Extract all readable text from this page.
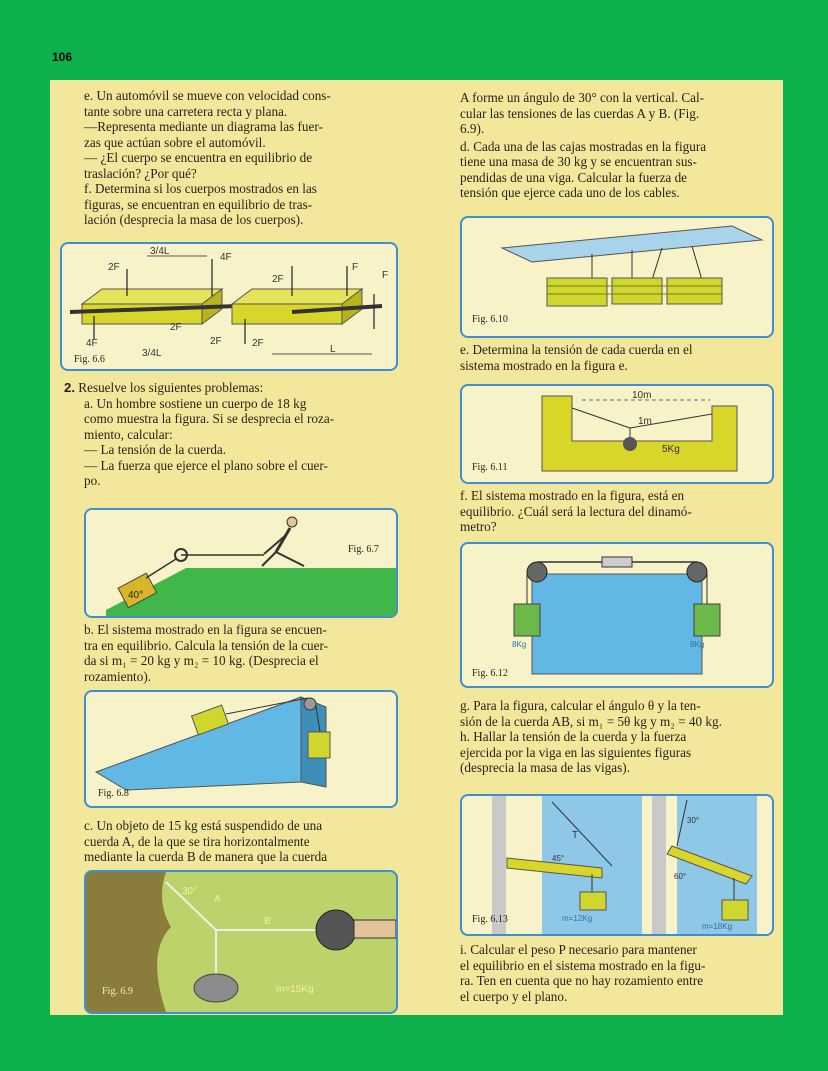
106

e. Un automóvil se mueve con velocidad cons-

tante sobre una carretera recta y plana.

—Representa mediante un diagrama las fuer-

zas que actúan sobre el automóvil.

— ¿El cuerpo se encuentra en equilibrio de

traslación? ¿Por qué?

f. Determina si los cuerpos mostrados en las

figuras, se encuentran en equilibrio de tras-

lación (desprecia la masa de los cuerpos).

3/4L
2F
4F
4F
2F
3/4L
2F
F
F
2F	2F
L
Fig. 6.6

2. Resuelve los siguientes problemas:

a. Un hombre sostiene un cuerpo de 18 kg

como muestra la figura. Si se desprecia el roza-

miento, calcular:

— La tensión de la cuerda.

— La fuerza que ejerce el plano sobre el cuer-

po.

40°
Fig. 6.7

b. El sistema mostrado en la figura se encuen-

tra en equilibrio. Calcula la tensión de la cuer-

da si m₁ = 20 kg y m₂ = 10 kg. (Desprecia el

rozamiento).

Fig. 6.8

c. Un objeto de 15 kg está suspendido de una

cuerda A, de la que se tira horizontalmente

mediante la cuerda B de manera que la cuerda

30°
A
B
m=15Kg
Fig. 6.9

A forme un ángulo de 30° con la vertical. Cal-

cular las tensiones de las cuerdas A y B. (Fig.

6.9).

d. Cada una de las cajas mostradas en la figura

tiene una masa de 30 kg y se encuentran sus-

pendidas de una viga. Calcular la fuerza de

tensión que ejerce cada uno de los cables.

Fig. 6.10

e. Determina la tensión de cada cuerda en el

sistema mostrado en la figura e.

10m
1m
5Kg
Fig. 6.11

f. El sistema mostrado en la figura, está en

equilibrio. ¿Cuál será la lectura del dinamó-

metro?

8Kg	8Kg
Fig. 6.12

g. Para la figura, calcular el ángulo θ y la ten-

sión de la cuerda AB, si m₁ = 5θ kg y m₂ = 40 kg.

h. Hallar la tensión de la cuerda y la fuerza

ejercida por la viga en las siguientes figuras

(desprecia la masa de las vigas).

T
45°
30°
60°
m=12Kg
m=18Kg
Fig. 6.13

i. Calcular el peso P necesario para mantener

el equilibrio en el sistema mostrado en la figu-

ra. Ten en cuenta que no hay rozamiento entre

el cuerpo y el plano.
